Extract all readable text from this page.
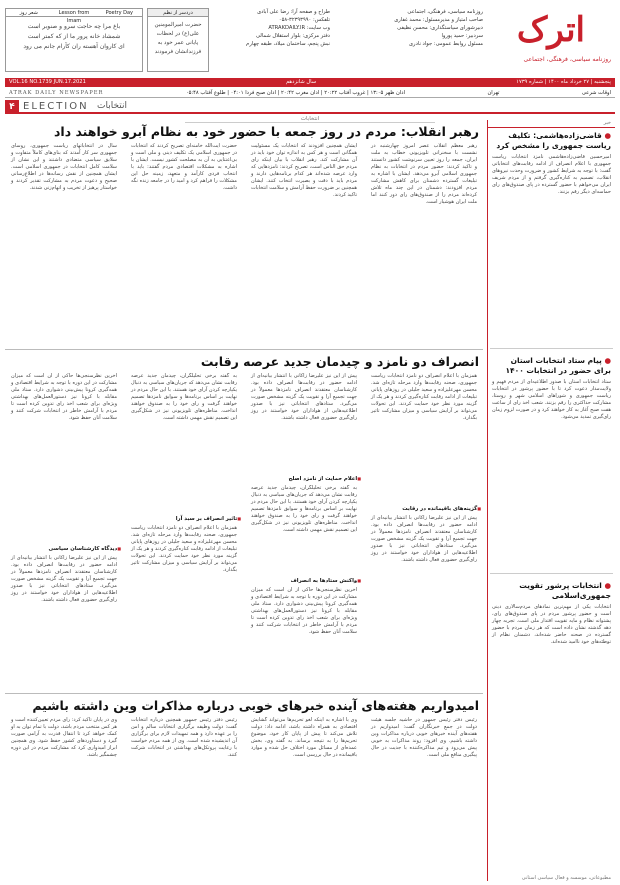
اترک
روزنامه سیاسی، فرهنگی، اجتماعی
روزنامه سیاسی، فرهنگی، اجتماعی
صاحب امتیاز و مدیرمسئول: محمد غفاری
دبیرشورای سیاستگذاری: محسن نظیفی
سردبیر: حمید پوروا
مسئول روابط عمومی: جواد نادری
طراح و صفحه آرا: رضا علی آبادی
تلفکس: ۳۲۳۹۳۹۹۰-۰۵۸
وب سایت: ATRAKDAILY.IR
دفتر مرکزی: بلوار استقلال شمالی
نبش پنجم، ساختمان میلاد، طبقه چهارم
دردسر از نظم
حضرت امیرالمومنین علی(ع) در لحظات پایانی عمر خود به فرزندانشان فرمودند
شعر روز	Lesson from Imam
Poetry Day
باغ مرا چه حاجت سرو و صنوبر است
شمشاد خانه پرور ما از که کمتر است
ای کاروان آهسته ران کآرام جانم می رود
VOL.16 NO.1739 JUN.17.2021	سال شانزدهم	پنجشنبه | ۲۷ خرداد ماه ۱۴۰۰ | شماره ۱۷۳۹
ATRAK DAILY NEWSPAPER	اذان ظهر ۱۳:۰۵ | غروب آفتاب ۲۰:۲۲ | اذان مغرب ۲۰:۴۲ | اذان صبح فردا ۰۴:۰۱ | طلوع آفتاب ۰۵:۴۸	تهران	اوقات شرعی
۴ ELECTION انتخابات
انتخابات
خبر
● قاضی‌زاده‌هاشمی: تکلیف ریاست جمهوری را مشخص کرد
امیرحسین قاضی‌زاده‌هاشمی نامزد انتخابات ریاست جمهوری با اعلام انصراف از ادامه رقابت‌های انتخاباتی گفت: با توجه به شرایط کشور و ضرورت وحدت نیروهای انقلاب، تصمیم به کناره‌گیری گرفتم و از مردم شریف ایران می‌خواهم با حضور گسترده در پای صندوق‌های رای حماسه‌ای دیگر رقم بزنند.
● پیام ستاد انتخابات استان برای حضور در انتخابات ۱۴۰۰
ستاد انتخابات استان با صدور اطلاعیه‌ای از مردم فهیم و ولایت‌مدار دعوت کرد تا با حضور پرشور در انتخابات ریاست جمهوری و شوراهای اسلامی شهر و روستا، مشارکت حداکثری را رقم بزنند. شعب اخذ رای از ساعت هفت صبح آغاز به کار خواهند کرد و در صورت لزوم زمان رای‌گیری تمدید می‌شود.
● انتخابات پرشور تقویت جمهوری‌اسلامی
انتخابات یکی از مهم‌ترین نمادهای مردم‌سالاری دینی است و حضور پرشور مردم در پای صندوق‌های رای، پشتوانه نظام و مایه تقویت اقتدار ملی است. تجربه چهار دهه گذشته نشان داده است که هر زمان مردم با حضور گسترده در صحنه حاضر شده‌اند، دشمنان نظام از توطئه‌های خود ناامید شده‌اند.
مطبوعاتی، موسسه و فعال سیاسی استانی
رهبر انقلاب: مردم در روز جمعه با حضور خود به نظام آبرو خواهند داد
رهبر معظم انقلاب عصر امروز چهارشنبه در نشست با سخنرانی تلویزیونی خطاب به ملت ایران، جمعه را روز تعیین سرنوشت کشور دانستند و تاکید کردند: حضور مردم در انتخابات به نظام جمهوری اسلامی آبرو می‌دهد. ایشان با اشاره به تبلیغات گسترده دشمنان برای کاهش مشارکت مردم افزودند: دشمنان در این چند ماه تلاش کرده‌اند مردم را از صندوق‌های رای دور کنند اما ملت ایران هوشیار است.
ایشان همچنین افزودند که انتخابات یک مسئولیت همگانی است و هر کس به اندازه توان خود باید در آن مشارکت کند. رهبر انقلاب با بیان اینکه رای مردم حق الناس است، تصریح کردند: نامزدهایی که وارد عرصه شده‌اند هر کدام برنامه‌هایی دارند و مردم باید با دقت و بصیرت انتخاب کنند. ایشان همچنین بر ضرورت حفظ آرامش و سلامت انتخابات تاکید کردند.
حضرت آیت‌الله خامنه‌ای تصریح کردند که انتخابات در جمهوری اسلامی یک تکلیف دینی و ملی است و بی‌اعتنایی به آن به مصلحت کشور نیست. ایشان با اشاره به مشکلات اقتصادی مردم گفتند: باید با انتخاب فردی کارآمد و متعهد، زمینه حل این مشکلات را فراهم کرد و امید را در جامعه زنده نگه داشت.
سال در انتخاباتهای ریاست جمهوری، روسای جمهوری سر کار آمدند که بنای‌های کاملاً متفاوت و سلایق سیاسی متضادی داشتند و این نشان از سلامت کامل انتخابات در جمهوری اسلامی است. ایشان همچنین از نقش رسانه‌ها در اطلاع‌رسانی صحیح و دعوت مردم به مشارکت تقدیر کردند و خواستار پرهیز از تخریب و اتهام‌زنی شدند.
انصراف دو نامزد و چیدمان جدید عرصه رقابت
همزمان با اعلام انصراف دو نامزد انتخابات ریاست جمهوری، صحنه رقابت‌ها وارد مرحله تازه‌ای شد. محسن مهرعلیزاده و سعید جلیلی در روزهای پایانی تبلیغات از ادامه رقابت کناره‌گیری کردند و هر یک از گزینه مورد نظر خود حمایت کردند. این تحولات می‌تواند بر آرایش سیاسی و میزان مشارکت تاثیر بگذارد.
■ گزینه‌های باقیمانده در رقابت
پیش از این نیز علیرضا زاکانی با انتشار بیانیه‌ای از ادامه حضور در رقابت‌ها انصراف داده بود. کارشناسان معتقدند انصراف نامزدها معمولاً در جهت تجمیع آرا و تقویت یک گزینه مشخص صورت می‌گیرد. ستادهای انتخاباتی نیز با صدور اطلاعیه‌هایی از هواداران خود خواستند در روز رای‌گیری حضوری فعال داشته باشند.
پیش از این نیز علیرضا زاکانی با انتشار بیانیه‌ای از ادامه حضور در رقابت‌ها انصراف داده بود. کارشناسان معتقدند انصراف نامزدها معمولاً در جهت تجمیع آرا و تقویت یک گزینه مشخص صورت می‌گیرد. ستادهای انتخاباتی نیز با صدور اطلاعیه‌هایی از هواداران خود خواستند در روز رای‌گیری حضوری فعال داشته باشند.
■ اعلام حمایت از نامزد اصلح
به گفته برخی تحلیلگران، چیدمان جدید عرصه رقابت نشان می‌دهد که جریان‌های سیاسی به دنبال یکپارچه کردن آرای خود هستند. با این حال مردم در نهایت بر اساس برنامه‌ها و سوابق نامزدها تصمیم خواهند گرفت و رای خود را به صندوق خواهند انداخت. مناظره‌های تلویزیونی نیز در شکل‌گیری این تصمیم نقش مهمی داشته است.
■ واکنش ستادها به انصراف
آخرین نظرسنجی‌ها حاکی از آن است که میزان مشارکت در این دوره با توجه به شرایط اقتصادی و همه‌گیری کرونا پیش‌بینی دشواری دارد. ستاد ملی مقابله با کرونا نیز دستورالعمل‌های بهداشتی ویژه‌ای برای شعب اخذ رای تدوین کرده است تا مردم با آرامش خاطر در انتخابات شرکت کنند و سلامت آنان حفظ شود.
به گفته برخی تحلیلگران، چیدمان جدید عرصه رقابت نشان می‌دهد که جریان‌های سیاسی به دنبال یکپارچه کردن آرای خود هستند. با این حال مردم در نهایت بر اساس برنامه‌ها و سوابق نامزدها تصمیم خواهند گرفت و رای خود را به صندوق خواهند انداخت. مناظره‌های تلویزیونی نیز در شکل‌گیری این تصمیم نقش مهمی داشته است.
■ تاثیر انصراف بر سبد آرا
همزمان با اعلام انصراف دو نامزد انتخابات ریاست جمهوری، صحنه رقابت‌ها وارد مرحله تازه‌ای شد. محسن مهرعلیزاده و سعید جلیلی در روزهای پایانی تبلیغات از ادامه رقابت کناره‌گیری کردند و هر یک از گزینه مورد نظر خود حمایت کردند. این تحولات می‌تواند بر آرایش سیاسی و میزان مشارکت تاثیر بگذارد.
آخرین نظرسنجی‌ها حاکی از آن است که میزان مشارکت در این دوره با توجه به شرایط اقتصادی و همه‌گیری کرونا پیش‌بینی دشواری دارد. ستاد ملی مقابله با کرونا نیز دستورالعمل‌های بهداشتی ویژه‌ای برای شعب اخذ رای تدوین کرده است تا مردم با آرامش خاطر در انتخابات شرکت کنند و سلامت آنان حفظ شود.
■ دیدگاه کارشناسان سیاسی
پیش از این نیز علیرضا زاکانی با انتشار بیانیه‌ای از ادامه حضور در رقابت‌ها انصراف داده بود. کارشناسان معتقدند انصراف نامزدها معمولاً در جهت تجمیع آرا و تقویت یک گزینه مشخص صورت می‌گیرد. ستادهای انتخاباتی نیز با صدور اطلاعیه‌هایی از هواداران خود خواستند در روز رای‌گیری حضوری فعال داشته باشند.
امیدواریم هفته‌های آینده خبرهای خوبی درباره مذاکرات وین داشته باشیم
رئیس دفتر رئیس جمهور در حاشیه جلسه هیئت دولت در جمع خبرنگاران گفت: امیدواریم در هفته‌های آینده خبرهای خوبی درباره مذاکرات وین داشته باشیم. وی افزود: روند مذاکرات به خوبی پیش می‌رود و تیم مذاکره‌کننده با جدیت در حال پیگیری منافع ملی است.
وی با اشاره به اینکه لغو تحریم‌ها می‌تواند گشایش اقتصادی به همراه داشته باشد، ادامه داد: دولت تلاش می‌کند تا پیش از پایان کار خود، موضوع تحریم‌ها را به نتیجه برساند. به گفته وی، بخش عمده‌ای از مسائل مورد اختلاف حل شده و موارد باقیمانده در حال بررسی است.
رئیس دفتر رئیس جمهور همچنین درباره انتخابات گفت: دولت وظیفه برگزاری انتخابات سالم و امن را بر عهده دارد و همه تمهیدات لازم برای برگزاری آن اندیشیده شده است. وی از همه مردم خواست با رعایت پروتکل‌های بهداشتی در انتخابات شرکت کنند.
وی در پایان تاکید کرد: رای مردم تعیین‌کننده است و هر کس منتخب مردم باشد، دولت با تمام توان به او کمک خواهد کرد تا انتقال قدرت به آرامی صورت گیرد و دستاوردهای کشور حفظ شود. وی همچنین ابراز امیدواری کرد که مشارکت مردم در این دوره چشمگیر باشد.
